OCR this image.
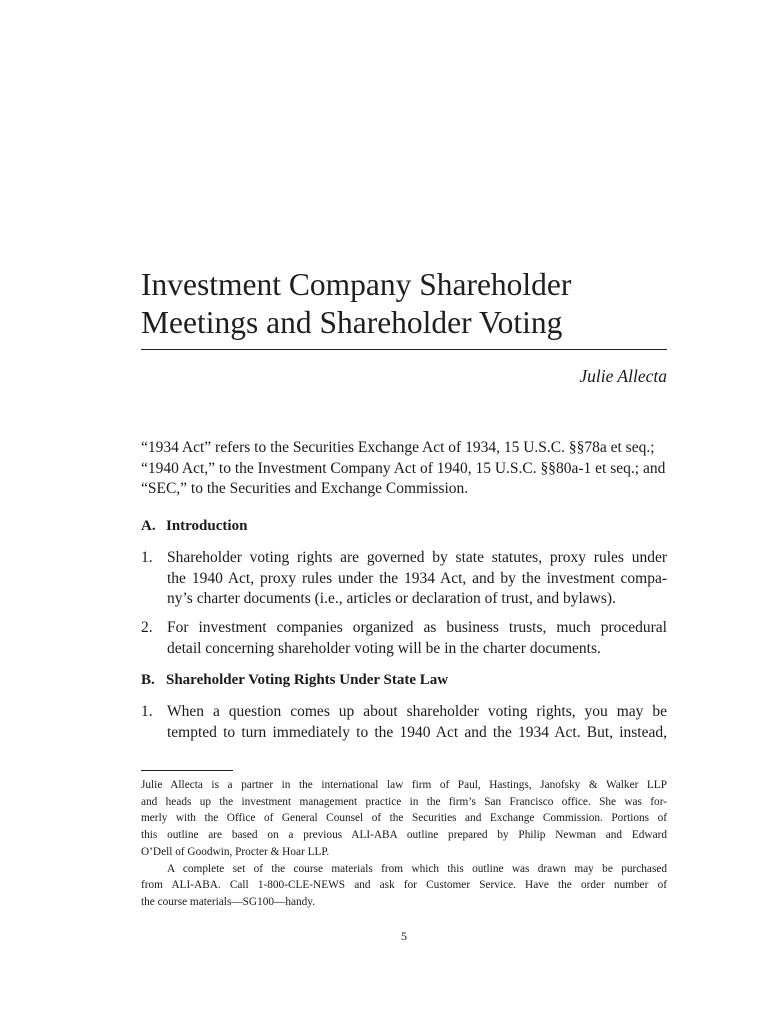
Investment Company Shareholder
Meetings and Shareholder Voting
Julie Allecta
“1934 Act” refers to the Securities Exchange Act of 1934, 15 U.S.C. §§78a et seq.;
“1940 Act,” to the Investment Company Act of 1940, 15 U.S.C. §§80a-1 et seq.; and
“SEC,” to the Securities and Exchange Commission.
A. Introduction
1. Shareholder voting rights are governed by state statutes, proxy rules under
the 1940 Act, proxy rules under the 1934 Act, and by the investment compa-
ny’s charter documents (i.e., articles or declaration of trust, and bylaws).
2. For investment companies organized as business trusts, much procedural
detail concerning shareholder voting will be in the charter documents.
B. Shareholder Voting Rights Under State Law
1. When a question comes up about shareholder voting rights, you may be
tempted to turn immediately to the 1940 Act and the 1934 Act. But, instead,
Julie Allecta is a partner in the international law firm of Paul, Hastings, Janofsky & Walker LLP
and heads up the investment management practice in the firm’s San Francisco office. She was for-
merly with the Office of General Counsel of the Securities and Exchange Commission. Portions of
this outline are based on a previous ALI-ABA outline prepared by Philip Newman and Edward
O’Dell of Goodwin, Procter & Hoar LLP.
A complete set of the course materials from which this outline was drawn may be purchased
from ALI-ABA. Call 1-800-CLE-NEWS and ask for Customer Service. Have the order number of
the course materials—SG100—handy.
5
